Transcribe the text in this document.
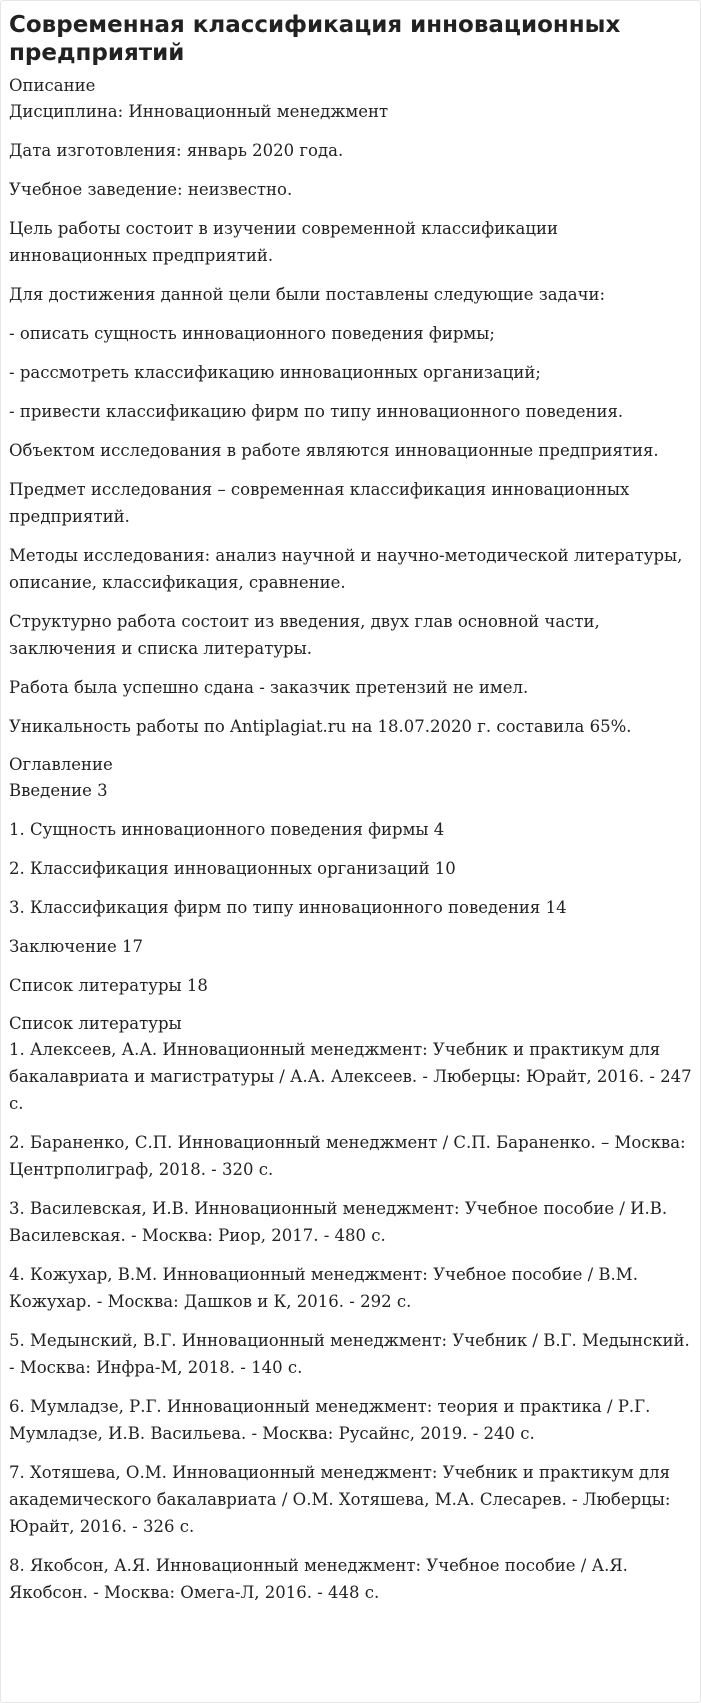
Современная классификация инновационных предприятий
Описание

Дисциплина: Инновационный менеджмент

Дата изготовления: январь 2020 года.

Учебное заведение: неизвестно.

Цель работы состоит в изучении современной классификации инновационных предприятий.

Для достижения данной цели были поставлены следующие задачи:

- описать сущность инновационного поведения фирмы;

- рассмотреть классификацию инновационных организаций;

- привести классификацию фирм по типу инновационного поведения.

Объектом исследования в работе являются инновационные предприятия.

Предмет исследования – современная классификация инновационных предприятий.

Методы исследования: анализ научной и научно-методической литературы, описание, классификация, сравнение.

Структурно работа состоит из введения, двух глав основной части, заключения и списка литературы.

Работа была успешно сдана - заказчик претензий не имел.

Уникальность работы по Antiplagiat.ru на 18.07.2020 г. составила 65%.

Оглавление

Введение 3

1. Сущность инновационного поведения фирмы 4

2. Классификация инновационных организаций 10

3. Классификация фирм по типу инновационного поведения 14

Заключение 17

Список литературы 18

Список литературы

1. Алексеев, А.А. Инновационный менеджмент: Учебник и практикум для бакалавриата и магистратуры / А.А. Алексеев. - Люберцы: Юрайт, 2016. - 247 c.

2. Бараненко, С.П. Инновационный менеджмент / С.П. Бараненко. – Москва: Центрполиграф, 2018. - 320 c.

3. Василевская, И.В. Инновационный менеджмент: Учебное пособие / И.В. Василевская. - Москва: Риор, 2017. - 480 c.

4. Кожухар, В.М. Инновационный менеджмент: Учебное пособие / В.М. Кожухар. - Москва: Дашков и К, 2016. - 292 c.

5. Медынский, В.Г. Инновационный менеджмент: Учебник / В.Г. Медынский. - Москва: Инфра-М, 2018. - 140 c.

6. Мумладзе, Р.Г. Инновационный менеджмент: теория и практика / Р.Г. Мумладзе, И.В. Васильева. - Москва: Русайнс, 2019. - 240 c.

7. Хотяшева, О.М. Инновационный менеджмент: Учебник и практикум для академического бакалавриата / О.М. Хотяшева, М.А. Слесарев. - Люберцы: Юрайт, 2016. - 326 c.

8. Якобсон, А.Я. Инновационный менеджмент: Учебное пособие / А.Я. Якобсон. - Москва: Омега-Л, 2016. - 448 c.
